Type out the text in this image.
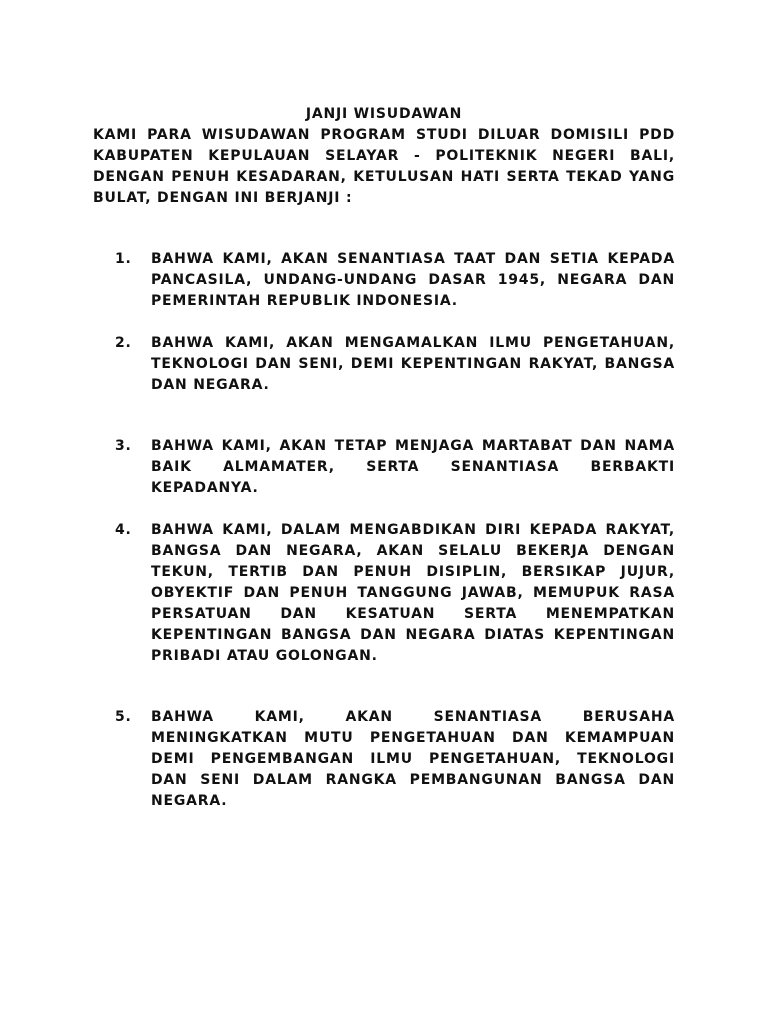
JANJI WISUDAWAN

KAMI PARA WISUDAWAN PROGRAM STUDI DILUAR DOMISILI PDD KABUPATEN KEPULAUAN SELAYAR - POLITEKNIK NEGERI BALI, DENGAN PENUH KESADARAN, KETULUSAN HATI SERTA TEKAD YANG BULAT, DENGAN INI BERJANJI :

1. BAHWA KAMI, AKAN SENANTIASA TAAT DAN SETIA KEPADA PANCASILA, UNDANG-UNDANG DASAR 1945, NEGARA DAN PEMERINTAH REPUBLIK INDONESIA.
2. BAHWA KAMI, AKAN MENGAMALKAN ILMU PENGETAHUAN, TEKNOLOGI DAN SENI, DEMI KEPENTINGAN RAKYAT, BANGSA DAN NEGARA.
3. BAHWA KAMI, AKAN TETAP MENJAGA MARTABAT DAN NAMA BAIK ALMAMATER, SERTA SENANTIASA BERBAKTI KEPADANYA.
4. BAHWA KAMI, DALAM MENGABDIKAN DIRI KEPADA RAKYAT, BANGSA DAN NEGARA, AKAN SELALU BEKERJA DENGAN TEKUN, TERTIB DAN PENUH DISIPLIN, BERSIKAP JUJUR, OBYEKTIF DAN PENUH TANGGUNG JAWAB, MEMUPUK RASA PERSATUAN DAN KESATUAN SERTA MENEMPATKAN KEPENTINGAN BANGSA DAN NEGARA DIATAS KEPENTINGAN PRIBADI ATAU GOLONGAN.
5. BAHWA KAMI, AKAN SENANTIASA BERUSAHA MENINGKATKAN MUTU PENGETAHUAN DAN KEMAMPUAN DEMI PENGEMBANGAN ILMU PENGETAHUAN, TEKNOLOGI DAN SENI DALAM RANGKA PEMBANGUNAN BANGSA DAN NEGARA.
